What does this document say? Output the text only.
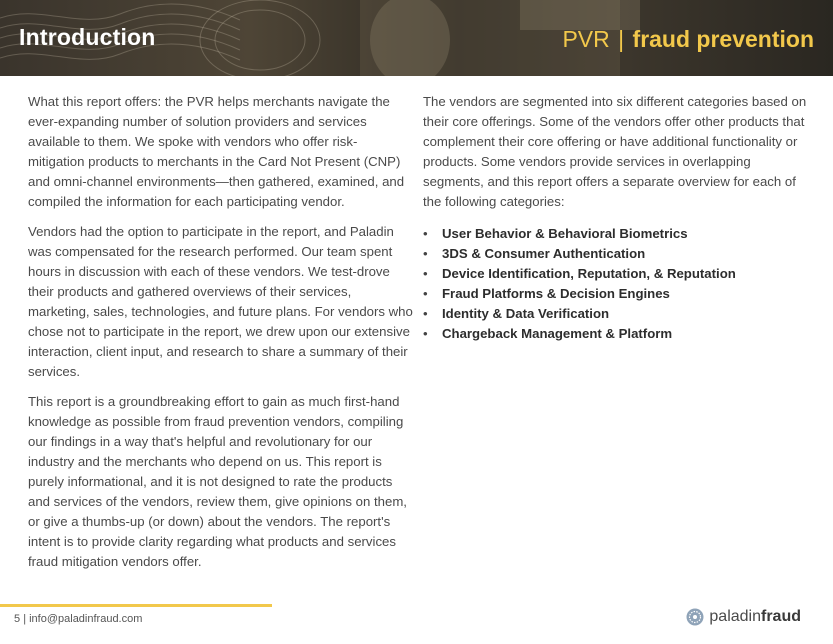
Introduction	PVR | fraud prevention

What this report offers: the PVR helps merchants navigate the ever-expanding number of solution providers and services available to them. We spoke with vendors who offer risk-mitigation products to merchants in the Card Not Present (CNP) and omni-channel environments—then gathered, examined, and compiled the information for each participating vendor.

Vendors had the option to participate in the report, and Paladin was compensated for the research performed. Our team spent hours in discussion with each of these vendors. We test-drove their products and gathered overviews of their services, marketing, sales, technologies, and future plans. For vendors who chose not to participate in the report, we drew upon our extensive interaction, client input, and research to share a summary of their services.

This report is a groundbreaking effort to gain as much first-hand knowledge as possible from fraud prevention vendors, compiling our findings in a way that's helpful and revolutionary for our industry and the merchants who depend on us. This report is purely informational, and it is not designed to rate the products and services of the vendors, review them, give opinions on them, or give a thumbs-up (or down) about the vendors. The report's intent is to provide clarity regarding what products and services fraud mitigation vendors offer.

The vendors are segmented into six different categories based on their core offerings. Some of the vendors offer other products that complement their core offering or have additional functionality or products. Some vendors provide services in overlapping segments, and this report offers a separate overview for each of the following categories:

• User Behavior & Behavioral Biometrics
• 3DS & Consumer Authentication
• Device Identification, Reputation, & Reputation
• Fraud Platforms & Decision Engines
• Identity & Data Verification
• Chargeback Management & Platform
5 | info@paladinfraud.com	paladinfraud
